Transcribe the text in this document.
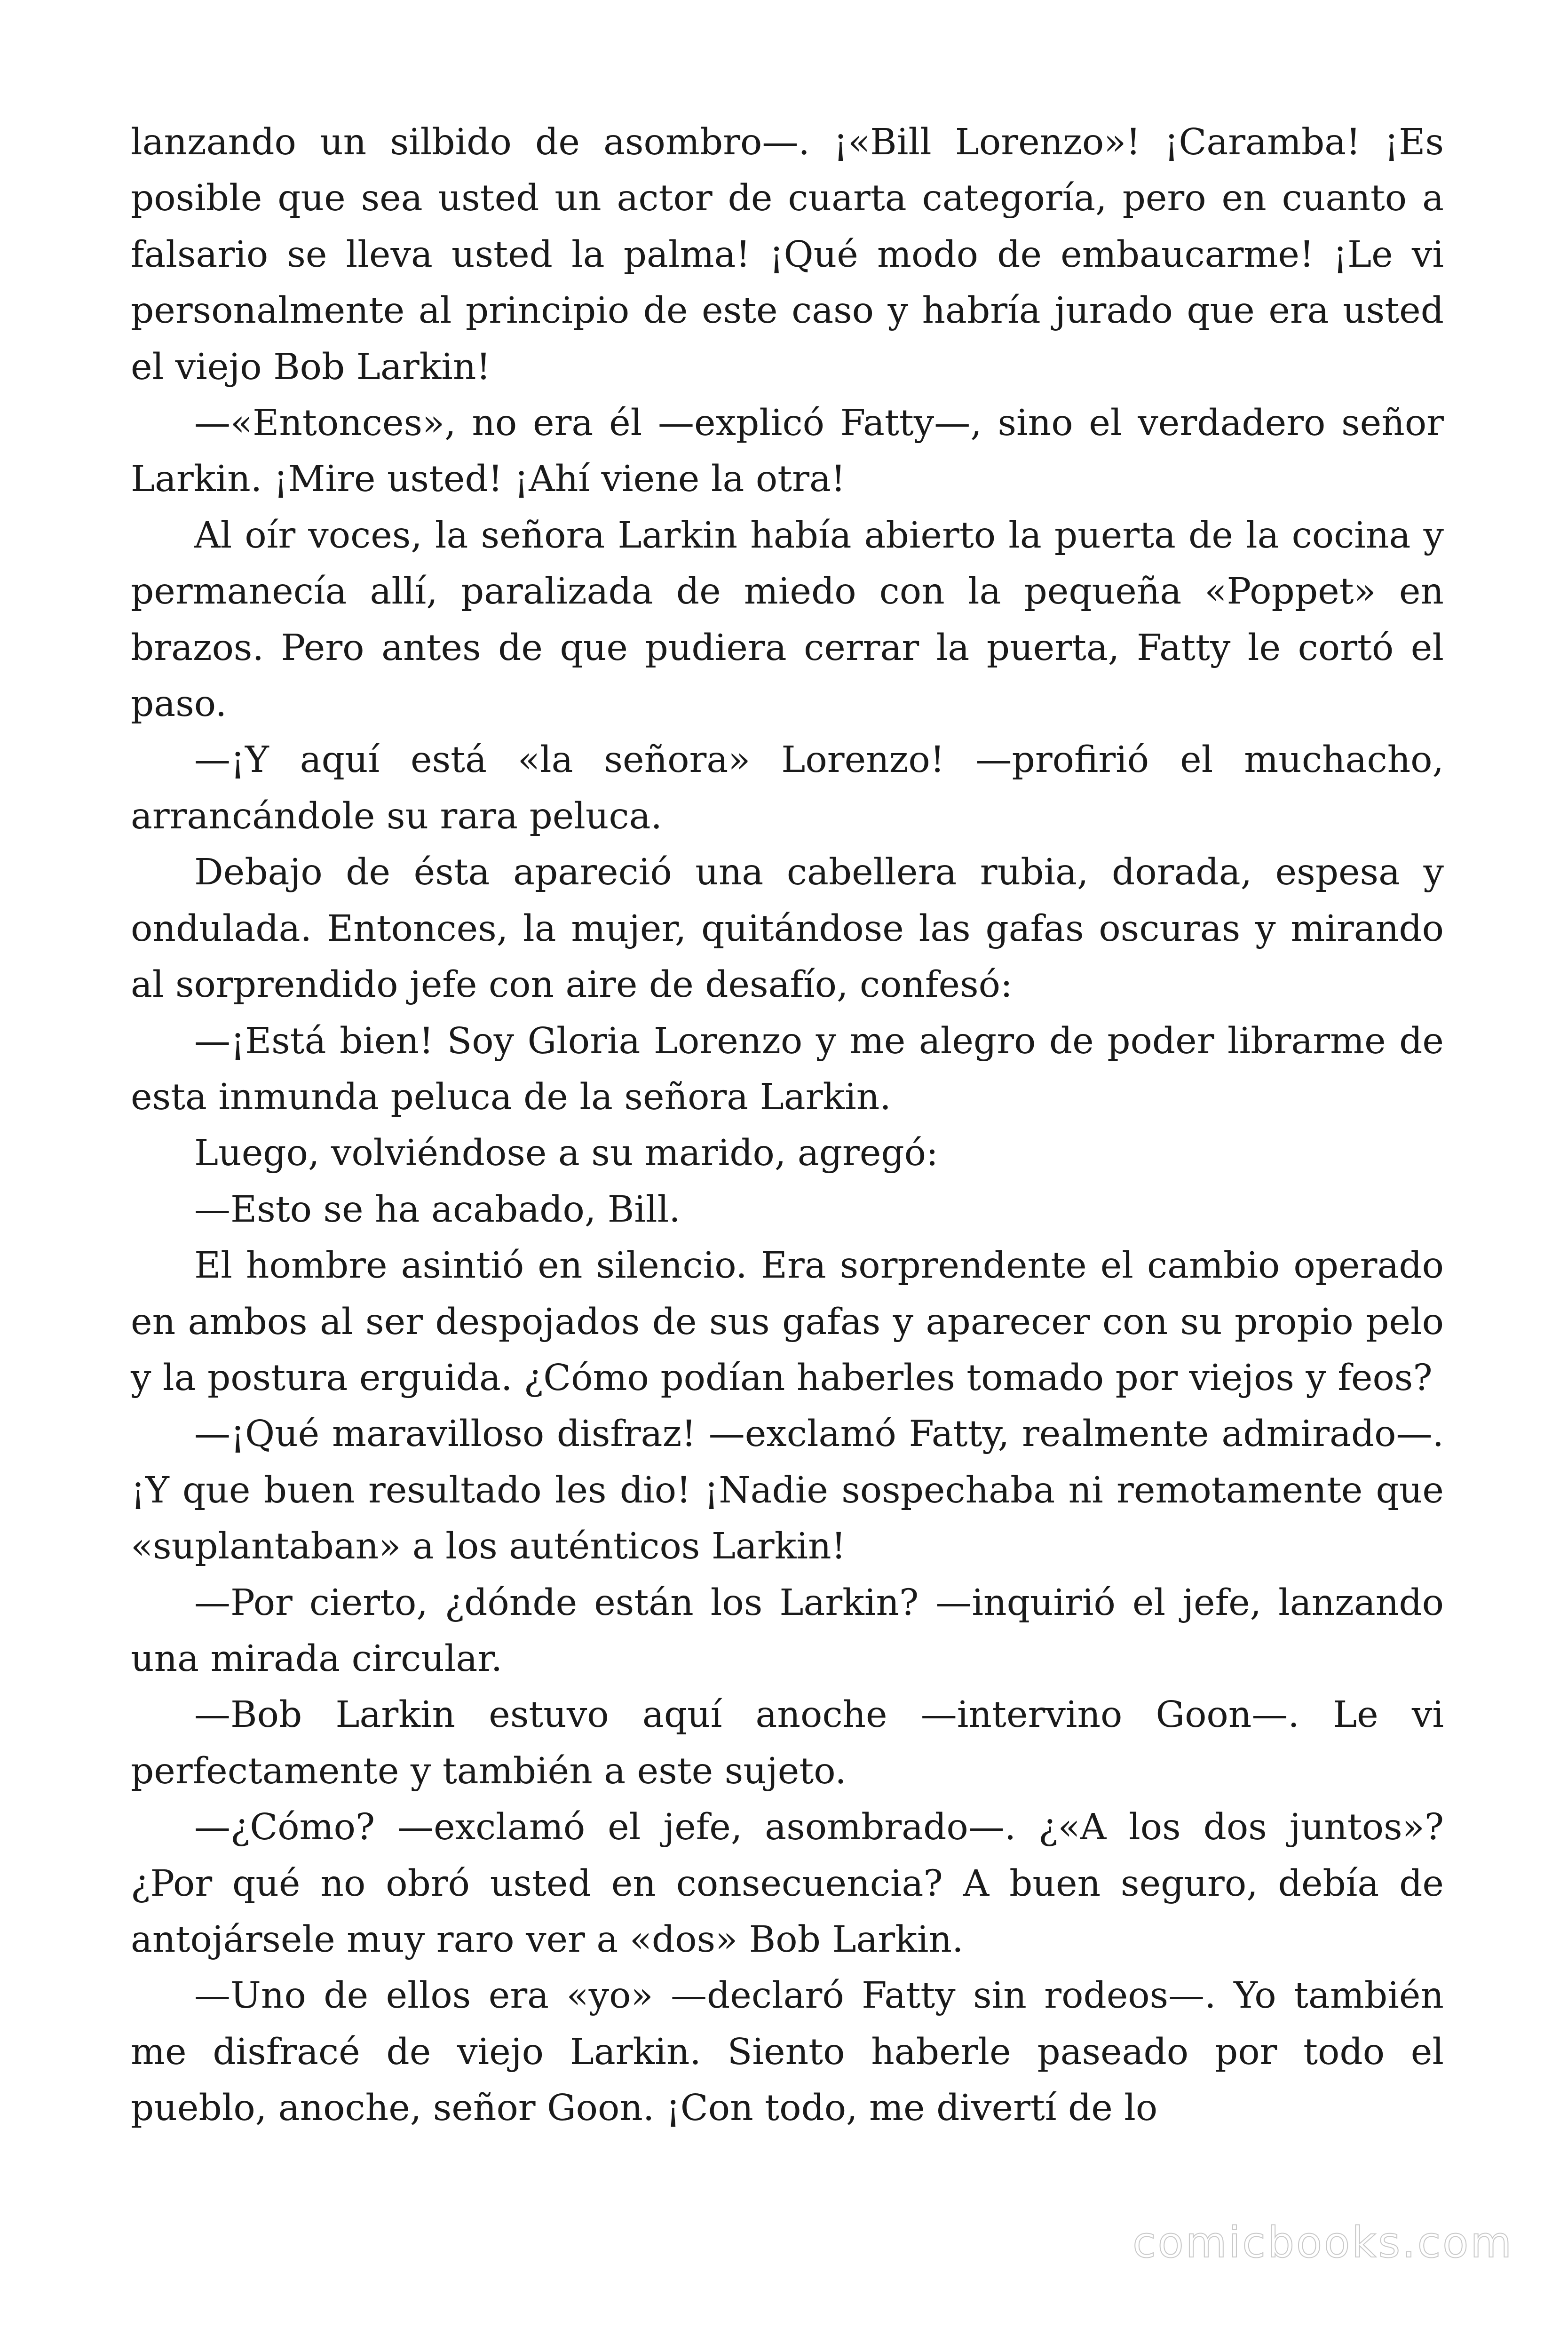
lanzando un silbido de asombro—. ¡«Bill Lorenzo»! ¡Caramba! ¡Es posible que sea usted un actor de cuarta categoría, pero en cuanto a falsario se lleva usted la palma! ¡Qué modo de embaucarme! ¡Le vi personalmente al principio de este caso y habría jurado que era usted el viejo Bob Larkin!

—«Entonces», no era él —explicó Fatty—, sino el verdadero señor Larkin. ¡Mire usted! ¡Ahí viene la otra!

Al oír voces, la señora Larkin había abierto la puerta de la cocina y permanecía allí, paralizada de miedo con la pequeña «Poppet» en brazos. Pero antes de que pudiera cerrar la puerta, Fatty le cortó el paso.

—¡Y aquí está «la señora» Lorenzo! —profirió el muchacho, arrancándole su rara peluca.

Debajo de ésta apareció una cabellera rubia, dorada, espesa y ondulada. Entonces, la mujer, quitándose las gafas oscuras y mirando al sorprendido jefe con aire de desafío, confesó:

—¡Está bien! Soy Gloria Lorenzo y me alegro de poder librarme de esta inmunda peluca de la señora Larkin.

Luego, volviéndose a su marido, agregó:

—Esto se ha acabado, Bill.

El hombre asintió en silencio. Era sorprendente el cambio operado en ambos al ser despojados de sus gafas y aparecer con su propio pelo y la postura erguida. ¿Cómo podían haberles tomado por viejos y feos?

—¡Qué maravilloso disfraz! —exclamó Fatty, realmente admirado—. ¡Y que buen resultado les dio! ¡Nadie sospechaba ni remotamente que «suplantaban» a los auténticos Larkin!

—Por cierto, ¿dónde están los Larkin? —inquirió el jefe, lanzando una mirada circular.

—Bob Larkin estuvo aquí anoche —intervino Goon—. Le vi perfectamente y también a este sujeto.

—¿Cómo? —exclamó el jefe, asombrado—. ¿«A los dos juntos»? ¿Por qué no obró usted en consecuencia? A buen seguro, debía de antojársele muy raro ver a «dos» Bob Larkin.

—Uno de ellos era «yo» —declaró Fatty sin rodeos—. Yo también me disfracé de viejo Larkin. Siento haberle paseado por todo el pueblo, anoche, señor Goon. ¡Con todo, me divertí de lo

comicbooks.com
